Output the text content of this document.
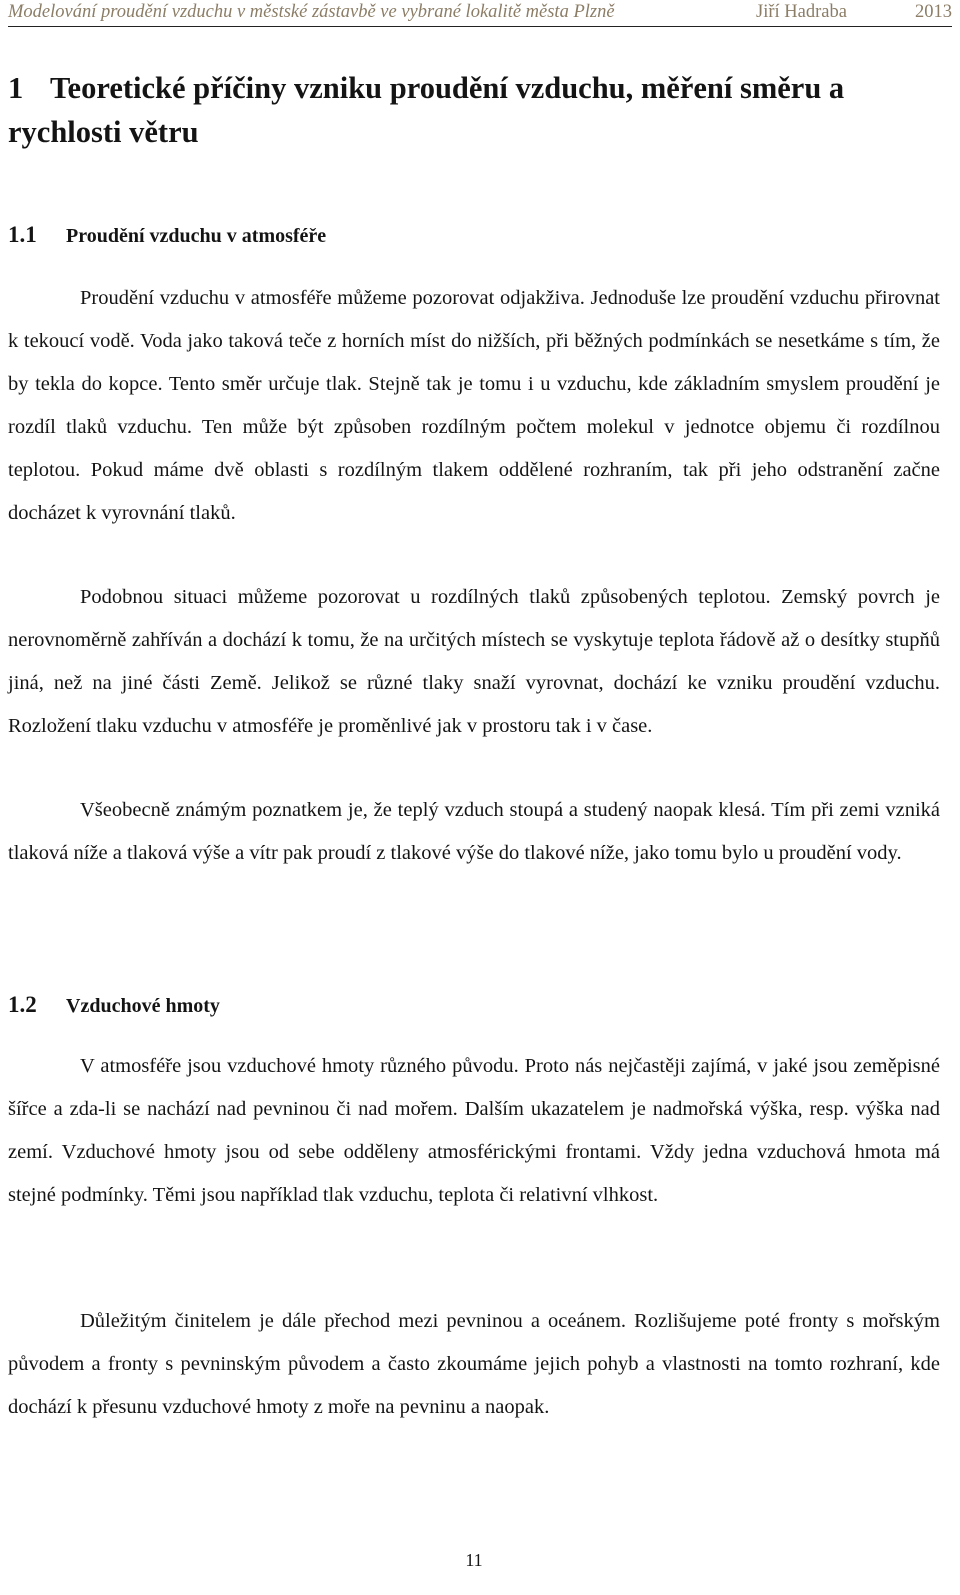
Modelování proudění vzduchu v městské zástavbě ve vybrané lokalitě města Plzně	Jiří Hadraba	2013
1 Teoretické příčiny vzniku proudění vzduchu, měření směru a rychlosti větru
1.1 Proudění vzduchu v atmosféře

Proudění vzduchu v atmosféře můžeme pozorovat odjakživa. Jednoduše lze proudění vzduchu přirovnat k tekoucí vodě. Voda jako taková teče z horních míst do nižších, při běžných podmínkách se nesetkáme s tím, že by tekla do kopce. Tento směr určuje tlak. Stejně tak je tomu i u vzduchu, kde základním smyslem proudění je rozdíl tlaků vzduchu. Ten může být způsoben rozdílným počtem molekul v jednotce objemu či rozdílnou teplotou. Pokud máme dvě oblasti s rozdílným tlakem oddělené rozhraním, tak při jeho odstranění začne docházet k vyrovnání tlaků.

Podobnou situaci můžeme pozorovat u rozdílných tlaků způsobených teplotou. Zemský povrch je nerovnoměrně zahříván a dochází k tomu, že na určitých místech se vyskytuje teplota řádově až o desítky stupňů jiná, než na jiné části Země. Jelikož se různé tlaky snaží vyrovnat, dochází ke vzniku proudění vzduchu. Rozložení tlaku vzduchu v atmosféře je proměnlivé jak v prostoru tak i v čase.

Všeobecně známým poznatkem je, že teplý vzduch stoupá a studený naopak klesá. Tím při zemi vzniká tlaková níže a tlaková výše a vítr pak proudí z tlakové výše do tlakové níže, jako tomu bylo u proudění vody.

1.2 Vzduchové hmoty

V atmosféře jsou vzduchové hmoty různého původu. Proto nás nejčastěji zajímá, v jaké jsou zeměpisné šířce a zda-li se nachází nad pevninou či nad mořem. Dalším ukazatelem je nadmořská výška, resp. výška nad zemí. Vzduchové hmoty jsou od sebe odděleny atmosférickými frontami. Vždy jedna vzduchová hmota má stejné podmínky. Těmi jsou například tlak vzduchu, teplota či relativní vlhkost.

Důležitým činitelem je dále přechod mezi pevninou a oceánem. Rozlišujeme poté fronty s mořským původem a fronty s pevninským původem a často zkoumáme jejich pohyb a vlastnosti na tomto rozhraní, kde dochází k přesunu vzduchové hmoty z moře na pevninu a naopak.

11
